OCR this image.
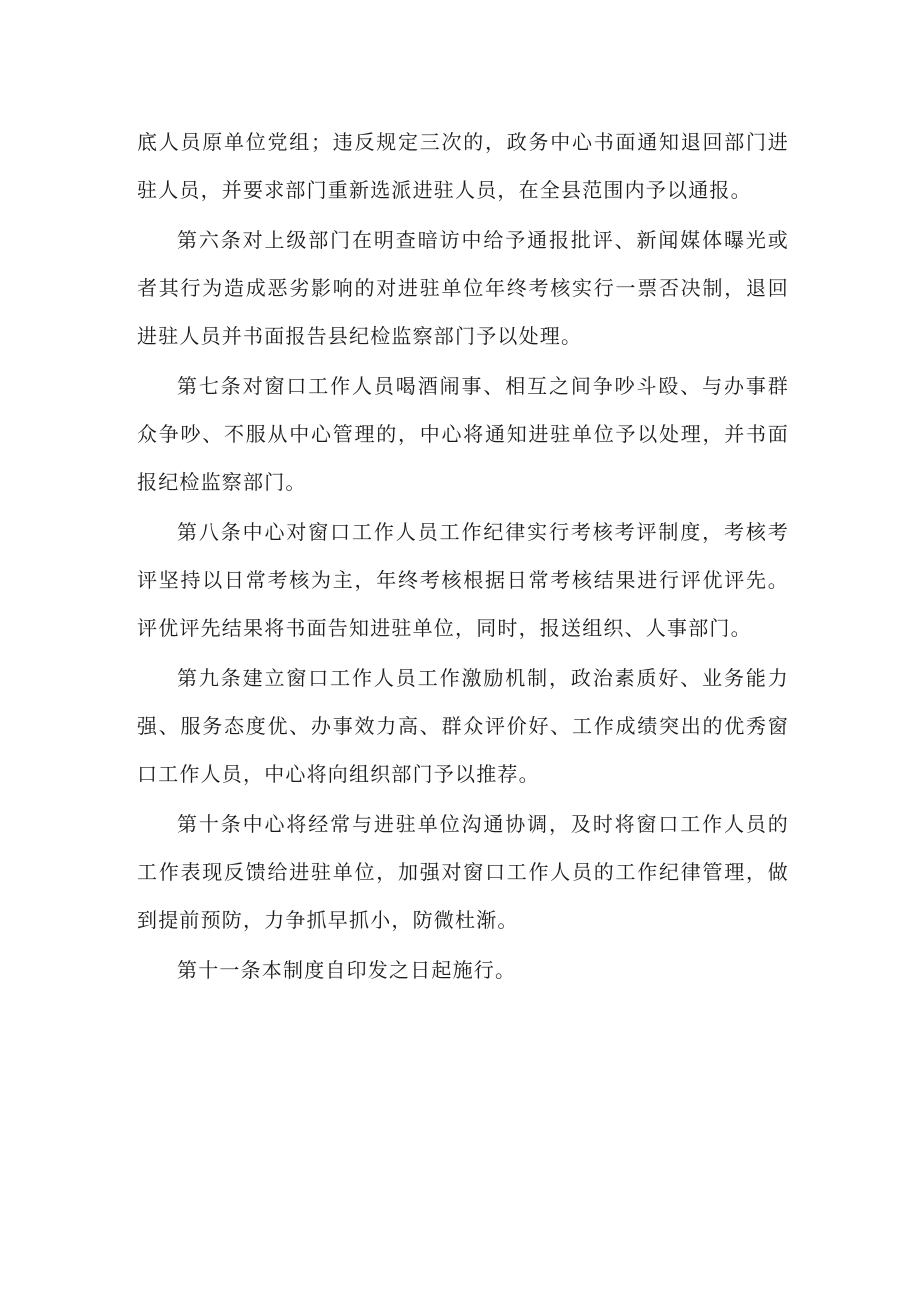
底人员原单位党组；违反规定三次的，政务中心书面通知退回部门进驻人员，并要求部门重新选派进驻人员，在全县范围内予以通报。

第六条对上级部门在明查暗访中给予通报批评、新闻媒体曝光或者其行为造成恶劣影响的对进驻单位年终考核实行一票否决制，退回进驻人员并书面报告县纪检监察部门予以处理。

第七条对窗口工作人员喝酒闹事、相互之间争吵斗殴、与办事群众争吵、不服从中心管理的，中心将通知进驻单位予以处理，并书面报纪检监察部门。

第八条中心对窗口工作人员工作纪律实行考核考评制度，考核考评坚持以日常考核为主，年终考核根据日常考核结果进行评优评先。评优评先结果将书面告知进驻单位，同时，报送组织、人事部门。

第九条建立窗口工作人员工作激励机制，政治素质好、业务能力强、服务态度优、办事效力高、群众评价好、工作成绩突出的优秀窗口工作人员，中心将向组织部门予以推荐。

第十条中心将经常与进驻单位沟通协调，及时将窗口工作人员的工作表现反馈给进驻单位，加强对窗口工作人员的工作纪律管理，做到提前预防，力争抓早抓小，防微杜渐。

第十一条本制度自印发之日起施行。
